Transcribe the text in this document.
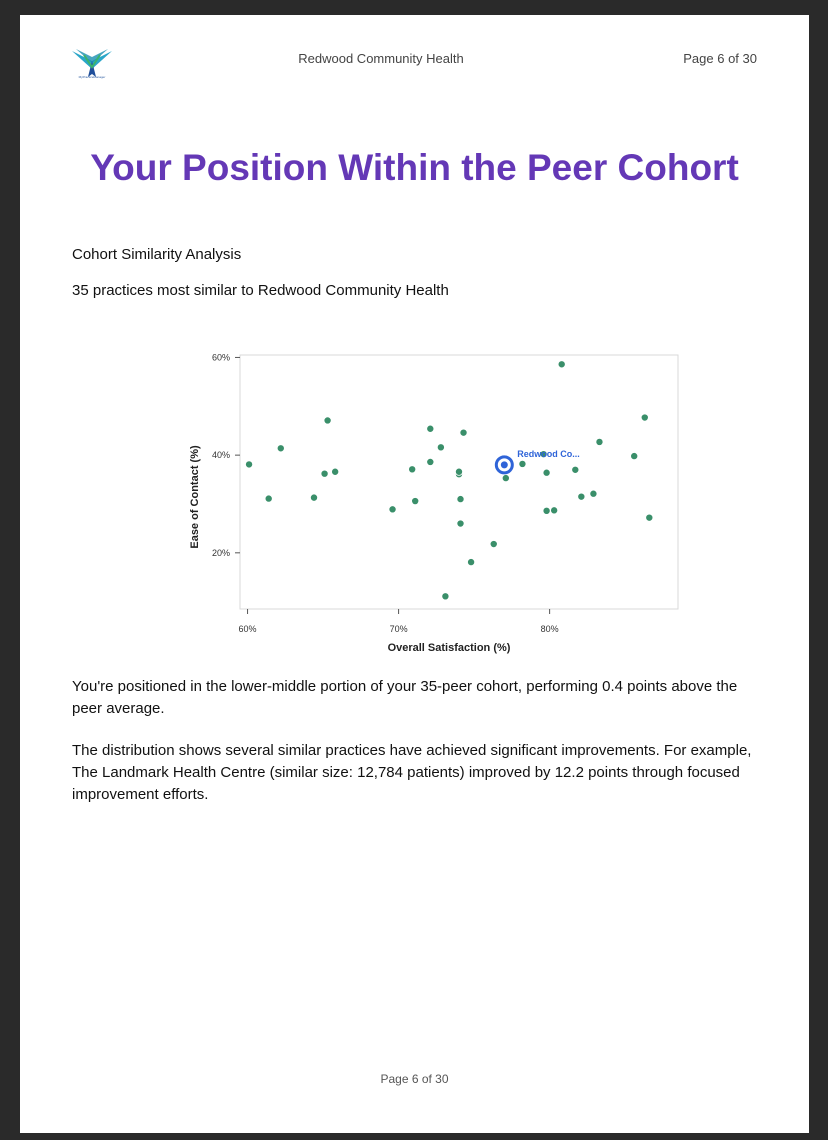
MyPracticeManager
Redwood Community Health	Page 6 of 30
Your Position Within the Peer Cohort
Cohort Similarity Analysis
35 practices most similar to Redwood Community Health
20%
40%
60%
60%	70%	80%
Overall Satisfaction (%)
Ease of Contact (%)	Redwood Co...

You're positioned in the lower-middle portion of your 35-peer cohort, performing 0.4 points above the peer average.

The distribution shows several similar practices have achieved significant improvements. For example, The Landmark Health Centre (similar size: 12,784 patients) improved by 12.2 points through focused improvement efforts.

Page 6 of 30
